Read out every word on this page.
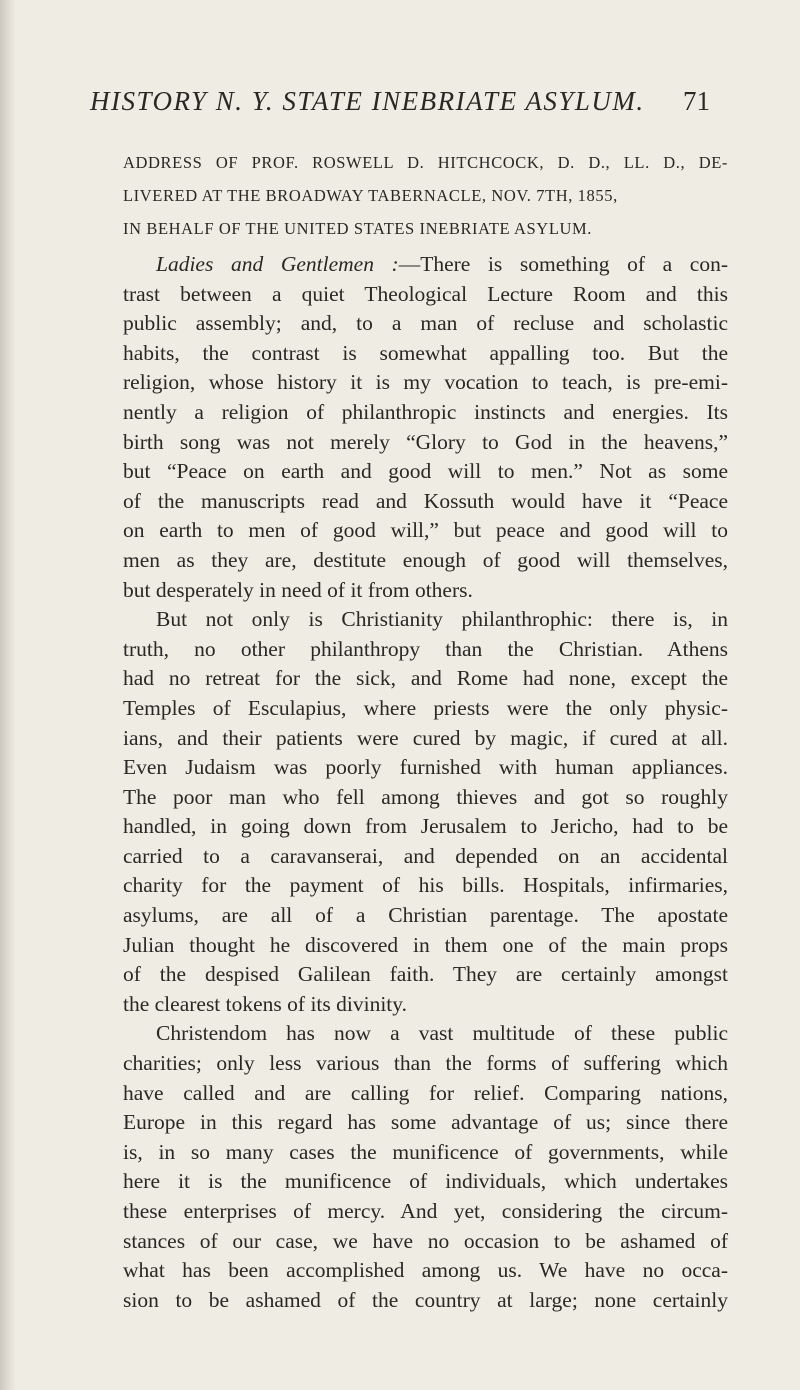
HISTORY N. Y. STATE INEBRIATE ASYLUM. 71
ADDRESS OF PROF. ROSWELL D. HITCHCOCK, D. D., LL. D., DE-
LIVERED AT THE BROADWAY TABERNACLE, NOV. 7TH, 1855,
IN BEHALF OF THE UNITED STATES INEBRIATE ASYLUM.
Ladies and Gentlemen :—There is something of a con-
trast between a quiet Theological Lecture Room and this
public assembly; and, to a man of recluse and scholastic
habits, the contrast is somewhat appalling too. But the
religion, whose history it is my vocation to teach, is pre-emi-
nently a religion of philanthropic instincts and energies. Its
birth song was not merely “Glory to God in the heavens,”
but “Peace on earth and good will to men.” Not as some
of the manuscripts read and Kossuth would have it “Peace
on earth to men of good will,” but peace and good will to
men as they are, destitute enough of good will themselves,
but desperately in need of it from others.
But not only is Christianity philanthrophic: there is, in
truth, no other philanthropy than the Christian. Athens
had no retreat for the sick, and Rome had none, except the
Temples of Esculapius, where priests were the only physic-
ians, and their patients were cured by magic, if cured at all.
Even Judaism was poorly furnished with human appliances.
The poor man who fell among thieves and got so roughly
handled, in going down from Jerusalem to Jericho, had to be
carried to a caravanserai, and depended on an accidental
charity for the payment of his bills. Hospitals, infirmaries,
asylums, are all of a Christian parentage. The apostate
Julian thought he discovered in them one of the main props
of the despised Galilean faith. They are certainly amongst
the clearest tokens of its divinity.
Christendom has now a vast multitude of these public
charities; only less various than the forms of suffering which
have called and are calling for relief. Comparing nations,
Europe in this regard has some advantage of us; since there
is, in so many cases the munificence of governments, while
here it is the munificence of individuals, which undertakes
these enterprises of mercy. And yet, considering the circum-
stances of our case, we have no occasion to be ashamed of
what has been accomplished among us. We have no occa-
sion to be ashamed of the country at large; none certainly
